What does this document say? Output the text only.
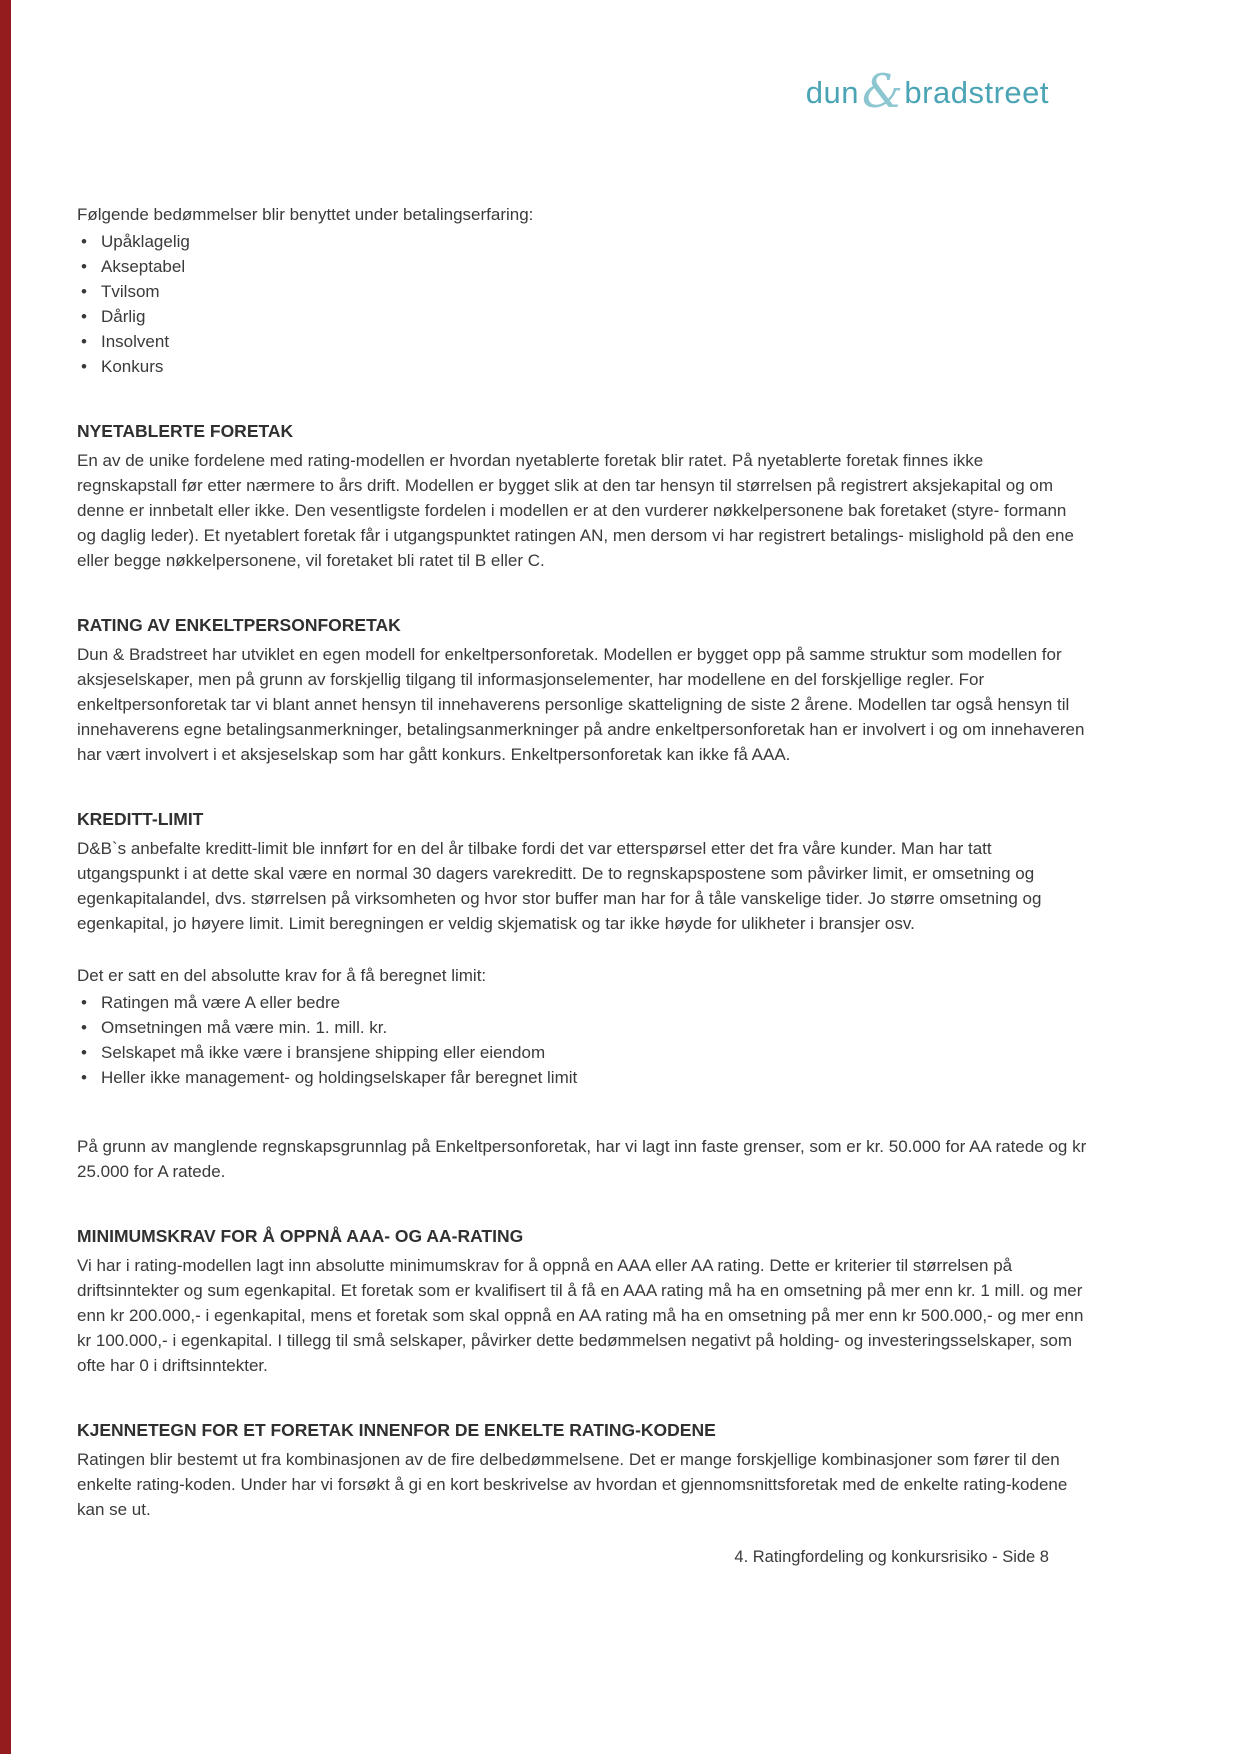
dun & bradstreet

Følgende bedømmelser blir benyttet under betalingserfaring:

• Upåklagelig
• Akseptabel
• Tvilsom
• Dårlig
• Insolvent
• Konkurs
NYETABLERTE FORETAK

En av de unike fordelene med rating-modellen er hvordan nyetablerte foretak blir ratet. På nyetablerte foretak finnes ikke regnskapstall før etter nærmere to års drift. Modellen er bygget slik at den tar hensyn til størrelsen på registrert aksjekapital og om denne er innbetalt eller ikke. Den vesentligste fordelen i modellen er at den vurderer nøkkelpersonene bak foretaket (styre- formann og daglig leder). Et nyetablert foretak får i utgangspunktet ratingen AN, men dersom vi har registrert betalings- mislighold på den ene eller begge nøkkelpersonene, vil foretaket bli ratet til B eller C.

RATING AV ENKELTPERSONFORETAK

Dun & Bradstreet har utviklet en egen modell for enkeltpersonforetak. Modellen er bygget opp på samme struktur som modellen for aksjeselskaper, men på grunn av forskjellig tilgang til informasjonselementer, har modellene en del forskjellige regler. For enkeltpersonforetak tar vi blant annet hensyn til innehaverens personlige skatteligning de siste 2 årene. Modellen tar også hensyn til innehaverens egne betalingsanmerkninger, betalingsanmerkninger på andre enkeltpersonforetak han er involvert i og om innehaveren har vært involvert i et aksjeselskap som har gått konkurs. Enkeltpersonforetak kan ikke få AAA.

KREDITT-LIMIT

D&B`s anbefalte kreditt-limit ble innført for en del år tilbake fordi det var etterspørsel etter det fra våre kunder. Man har tatt utgangspunkt i at dette skal være en normal 30 dagers varekreditt. De to regnskapspostene som påvirker limit, er omsetning og egenkapitalandel, dvs. størrelsen på virksomheten og hvor stor buffer man har for å tåle vanskelige tider. Jo større omsetning og egenkapital, jo høyere limit. Limit beregningen er veldig skjematisk og tar ikke høyde for ulikheter i bransjer osv.

Det er satt en del absolutte krav for å få beregnet limit:

• Ratingen må være A eller bedre
• Omsetningen må være min. 1. mill. kr.
• Selskapet må ikke være i bransjene shipping eller eiendom
• Heller ikke management- og holdingselskaper får beregnet limit

På grunn av manglende regnskapsgrunnlag på Enkeltpersonforetak, har vi lagt inn faste grenser, som er kr. 50.000 for AA ratede og kr 25.000 for A ratede.

MINIMUMSKRAV FOR Å OPPNÅ AAA- OG AA-RATING

Vi har i rating-modellen lagt inn absolutte minimumskrav for å oppnå en AAA eller AA rating. Dette er kriterier til størrelsen på driftsinntekter og sum egenkapital. Et foretak som er kvalifisert til å få en AAA rating må ha en omsetning på mer enn kr. 1 mill. og mer enn kr 200.000,- i egenkapital, mens et foretak som skal oppnå en AA rating må ha en omsetning på mer enn kr 500.000,- og mer enn kr 100.000,- i egenkapital. I tillegg til små selskaper, påvirker dette bedømmelsen negativt på holding- og investeringsselskaper, som ofte har 0 i driftsinntekter.

KJENNETEGN FOR ET FORETAK INNENFOR DE ENKELTE RATING-KODENE

Ratingen blir bestemt ut fra kombinasjonen av de fire delbedømmelsene. Det er mange forskjellige kombinasjoner som fører til den enkelte rating-koden. Under har vi forsøkt å gi en kort beskrivelse av hvordan et gjennomsnittsforetak med de enkelte rating-kodene kan se ut.

4. Ratingfordeling og konkursrisiko - Side 8
